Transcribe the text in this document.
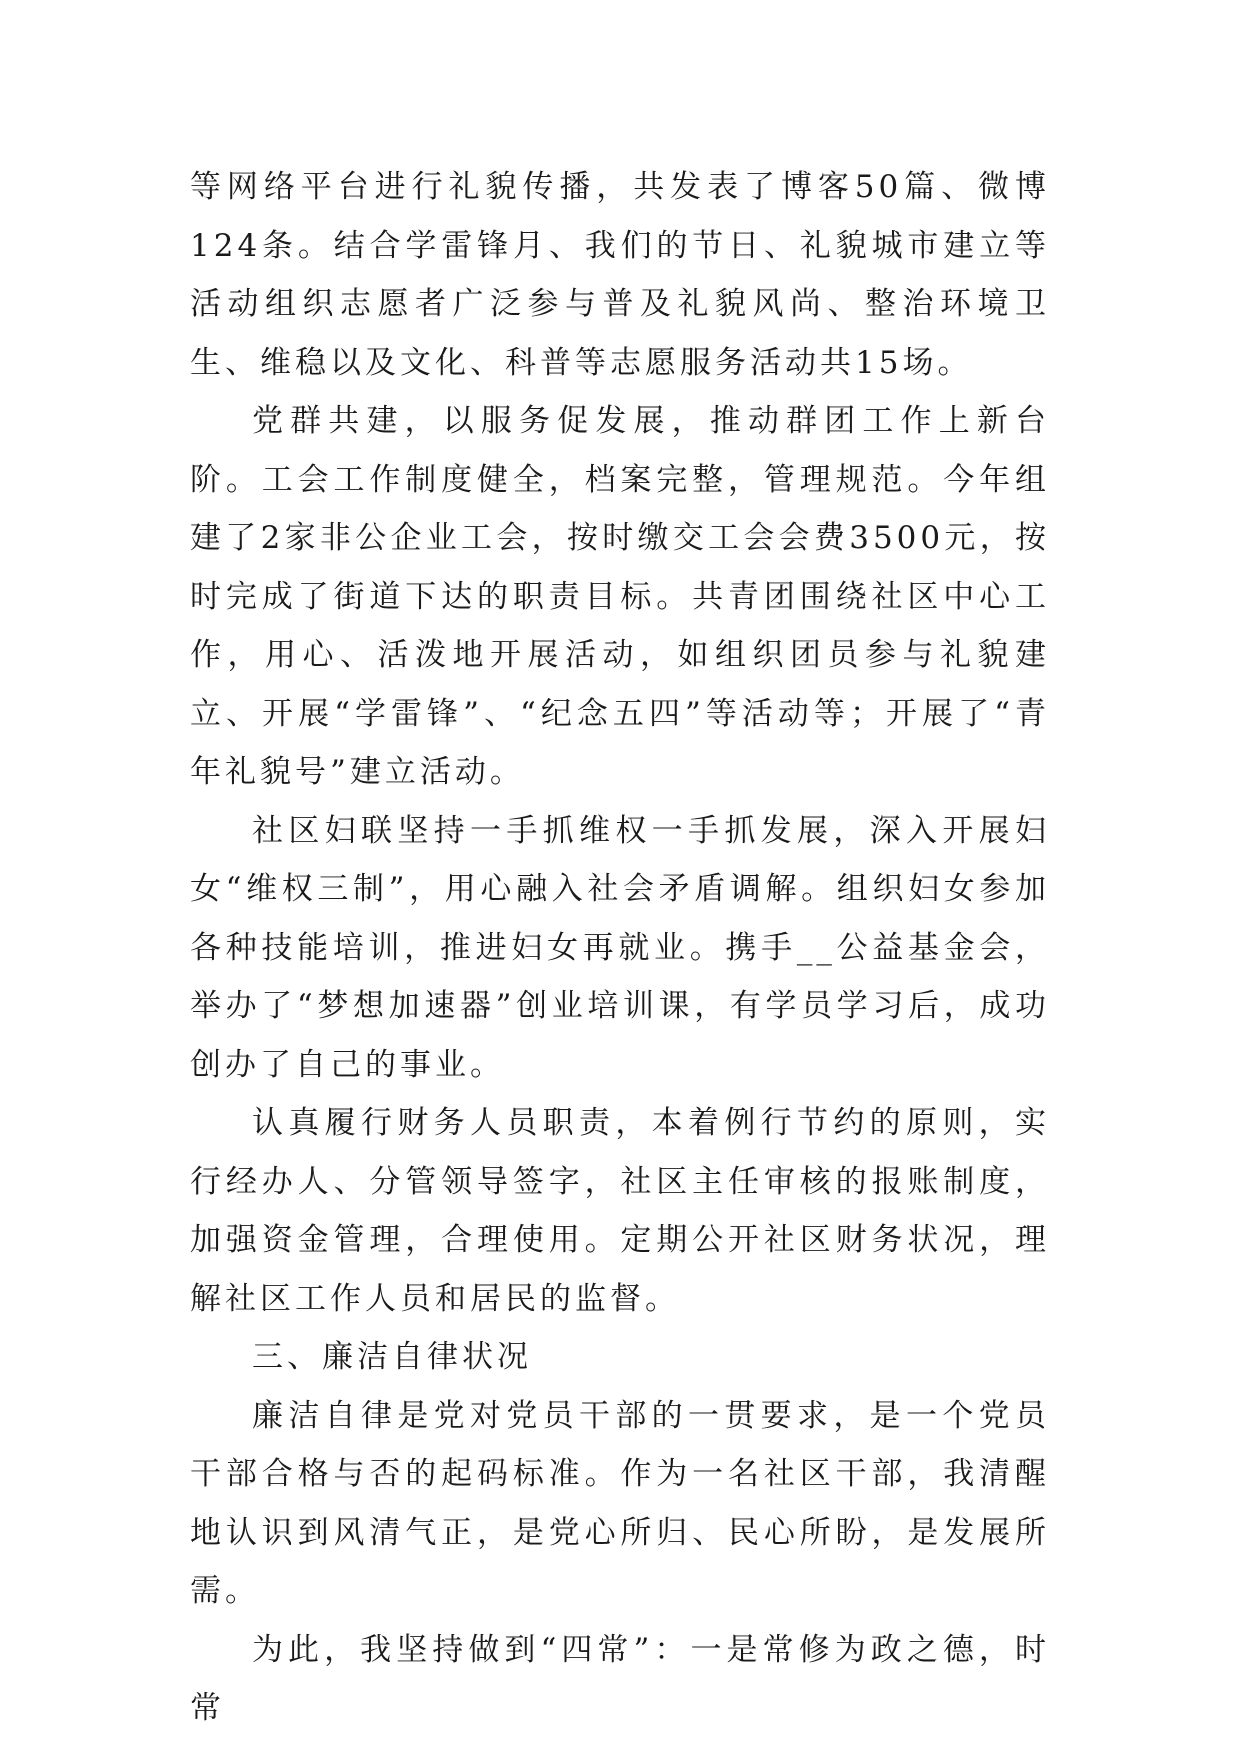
等网络平台进行礼貌传播，共发表了博客50篇、微博124条。结合学雷锋月、我们的节日、礼貌城市建立等活动组织志愿者广泛参与普及礼貌风尚、整治环境卫生、维稳以及文化、科普等志愿服务活动共15场。

党群共建，以服务促发展，推动群团工作上新台阶。工会工作制度健全，档案完整，管理规范。今年组建了2家非公企业工会，按时缴交工会会费3500元，按时完成了街道下达的职责目标。共青团围绕社区中心工作，用心、活泼地开展活动，如组织团员参与礼貌建立、开展“学雷锋”、“纪念五四”等活动等；开展了“青年礼貌号”建立活动。

社区妇联坚持一手抓维权一手抓发展，深入开展妇女“维权三制”，用心融入社会矛盾调解。组织妇女参加各种技能培训，推进妇女再就业。携手__公益基金会，举办了“梦想加速器”创业培训课，有学员学习后，成功创办了自己的事业。

认真履行财务人员职责，本着例行节约的原则，实行经办人、分管领导签字，社区主任审核的报账制度，加强资金管理，合理使用。定期公开社区财务状况，理解社区工作人员和居民的监督。

三、廉洁自律状况

廉洁自律是党对党员干部的一贯要求，是一个党员干部合格与否的起码标准。作为一名社区干部，我清醒地认识到风清气正，是党心所归、民心所盼，是发展所需。

为此，我坚持做到“四常”：一是常修为政之德，时常
